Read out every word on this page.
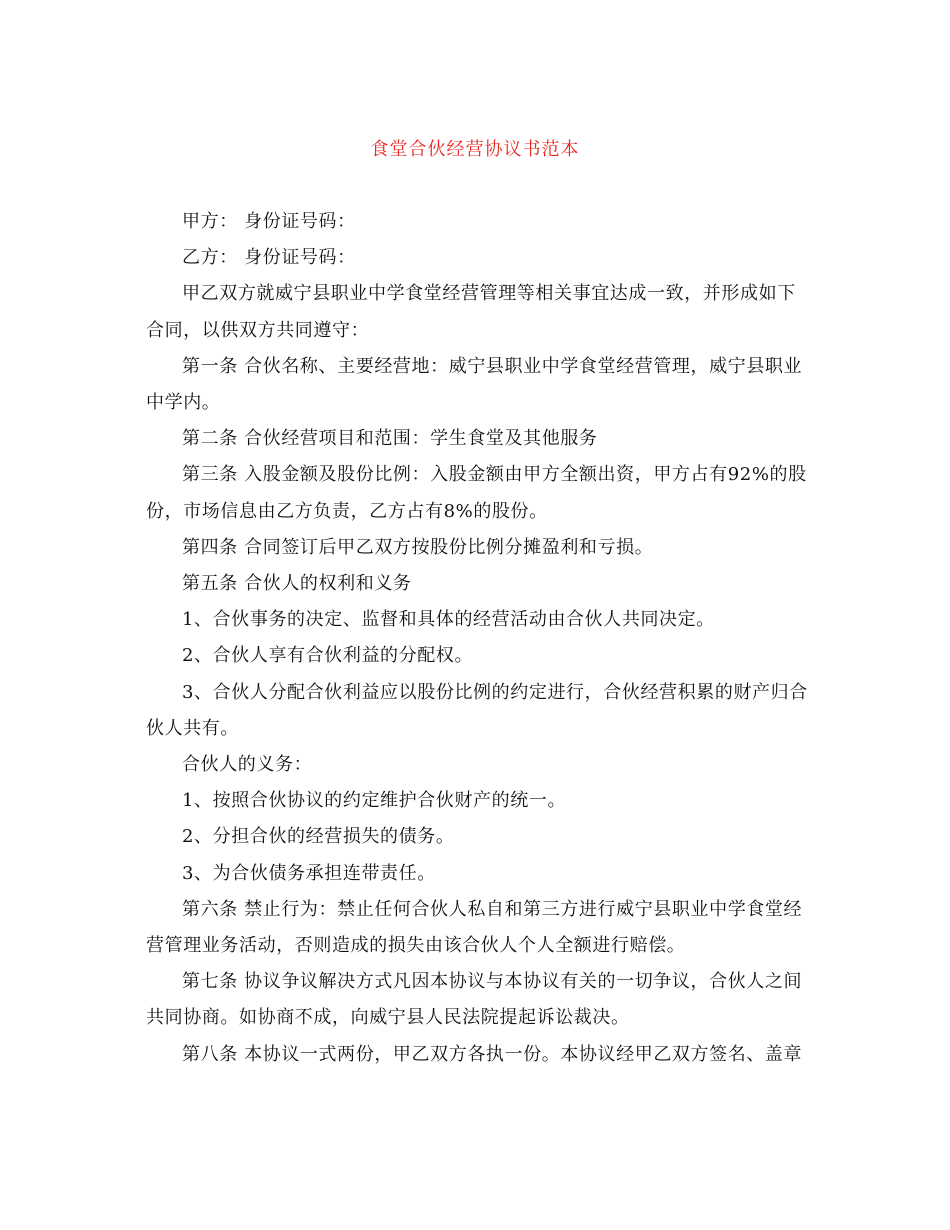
食堂合伙经营协议书范本

甲方： 身份证号码：

乙方： 身份证号码：

甲乙双方就威宁县职业中学食堂经营管理等相关事宜达成一致，并形成如下合同，以供双方共同遵守：

第一条 合伙名称、主要经营地：威宁县职业中学食堂经营管理，威宁县职业中学内。

第二条 合伙经营项目和范围：学生食堂及其他服务

第三条 入股金额及股份比例：入股金额由甲方全额出资，甲方占有92%的股份，市场信息由乙方负责，乙方占有8%的股份。

第四条 合同签订后甲乙双方按股份比例分摊盈利和亏损。

第五条 合伙人的权利和义务

1、合伙事务的决定、监督和具体的经营活动由合伙人共同决定。

2、合伙人享有合伙利益的分配权。

3、合伙人分配合伙利益应以股份比例的约定进行，合伙经营积累的财产归合伙人共有。

合伙人的义务：

1、按照合伙协议的约定维护合伙财产的统一。

2、分担合伙的经营损失的债务。

3、为合伙债务承担连带责任。

第六条 禁止行为：禁止任何合伙人私自和第三方进行威宁县职业中学食堂经营管理业务活动，否则造成的损失由该合伙人个人全额进行赔偿。

第七条 协议争议解决方式凡因本协议与本协议有关的一切争议，合伙人之间共同协商。如协商不成，向威宁县人民法院提起诉讼裁决。

第八条 本协议一式两份，甲乙双方各执一份。本协议经甲乙双方签名、盖章
